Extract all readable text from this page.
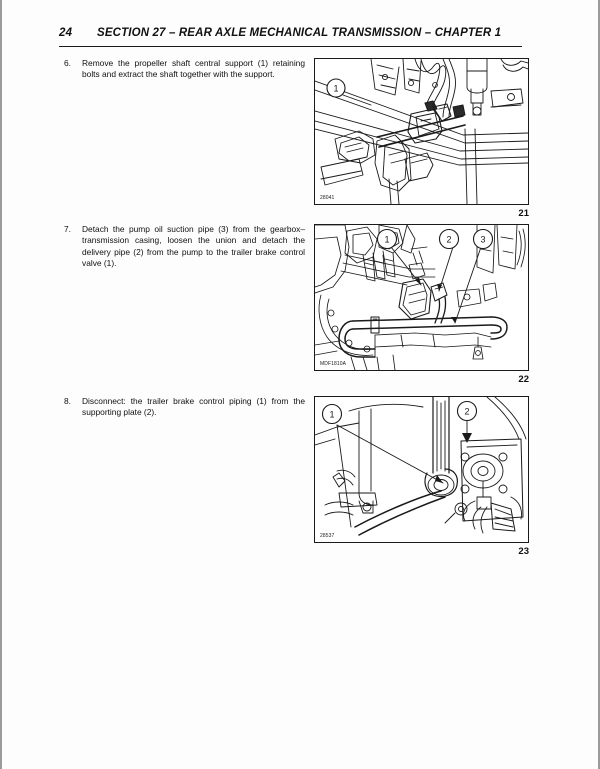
24	SECTION 27 – REAR AXLE MECHANICAL TRANSMISSION – CHAPTER 1
6.	Remove the propeller shaft central support (1) retaining bolts and extract the shaft together with the support.
1
28041
21
7.	Detach the pump oil suction pipe (3) from the gearbox–transmission casing, loosen the union and detach the delivery pipe (2) from the pump to the trailer brake control valve (1).
1	2	3
MDF1810A
22
8.	Disconnect: the trailer brake control piping (1) from the supporting plate (2).	1	2
28537
23
